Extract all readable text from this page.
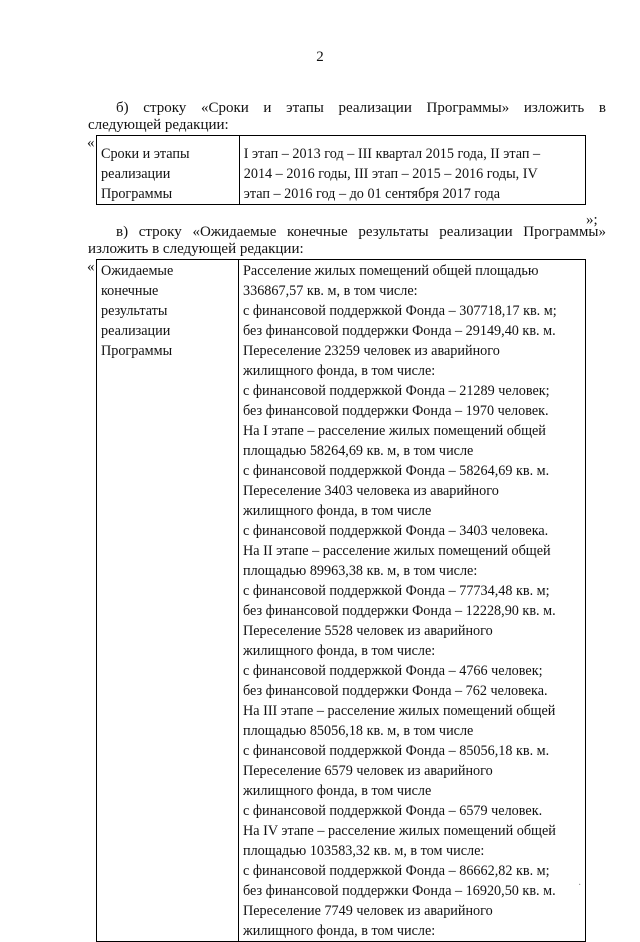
2
б) строку «Сроки и этапы реализации Программы» изложить в
следующей редакции:
«
Сроки и этапы
реализации
Программы

I этап – 2013 год – III квартал 2015 года, II этап –
2014 – 2016 годы, III этап – 2015 – 2016 годы, IV
этап – 2016 год – до 01 сентября 2017 года
»;
в) строку «Ожидаемые конечные результаты реализации Программы»
изложить в следующей редакции:
« Ожидаемые
конечные
результаты
реализации
Программы

Расселение жилых помещений общей площадью
336867,57 кв. м, в том числе:
с финансовой поддержкой Фонда – 307718,17 кв. м;
без финансовой поддержки Фонда – 29149,40 кв. м.
Переселение 23259 человек из аварийного
жилищного фонда, в том числе:
с финансовой поддержкой Фонда – 21289 человек;
без финансовой поддержки Фонда – 1970 человек.
На I этапе – расселение жилых помещений общей
площадью 58264,69 кв. м, в том числе
с финансовой поддержкой Фонда – 58264,69 кв. м.
Переселение 3403 человека из аварийного
жилищного фонда, в том числе
с финансовой поддержкой Фонда – 3403 человека.
На II этапе – расселение жилых помещений общей
площадью 89963,38 кв. м, в том числе:
с финансовой поддержкой Фонда – 77734,48 кв. м;
без финансовой поддержки Фонда – 12228,90 кв. м.
Переселение 5528 человек из аварийного
жилищного фонда, в том числе:
с финансовой поддержкой Фонда – 4766 человек;
без финансовой поддержки Фонда – 762 человека.
На III этапе – расселение жилых помещений общей
площадью 85056,18 кв. м, в том числе
с финансовой поддержкой Фонда – 85056,18 кв. м.
Переселение 6579 человек из аварийного
жилищного фонда, в том числе
с финансовой поддержкой Фонда – 6579 человек.
На IV этапе – расселение жилых помещений общей
площадью 103583,32 кв. м, в том числе:
с финансовой поддержкой Фонда – 86662,82 кв. м;
без финансовой поддержки Фонда – 16920,50 кв. м.
Переселение 7749 человек из аварийного
жилищного фонда, в том числе:
·
